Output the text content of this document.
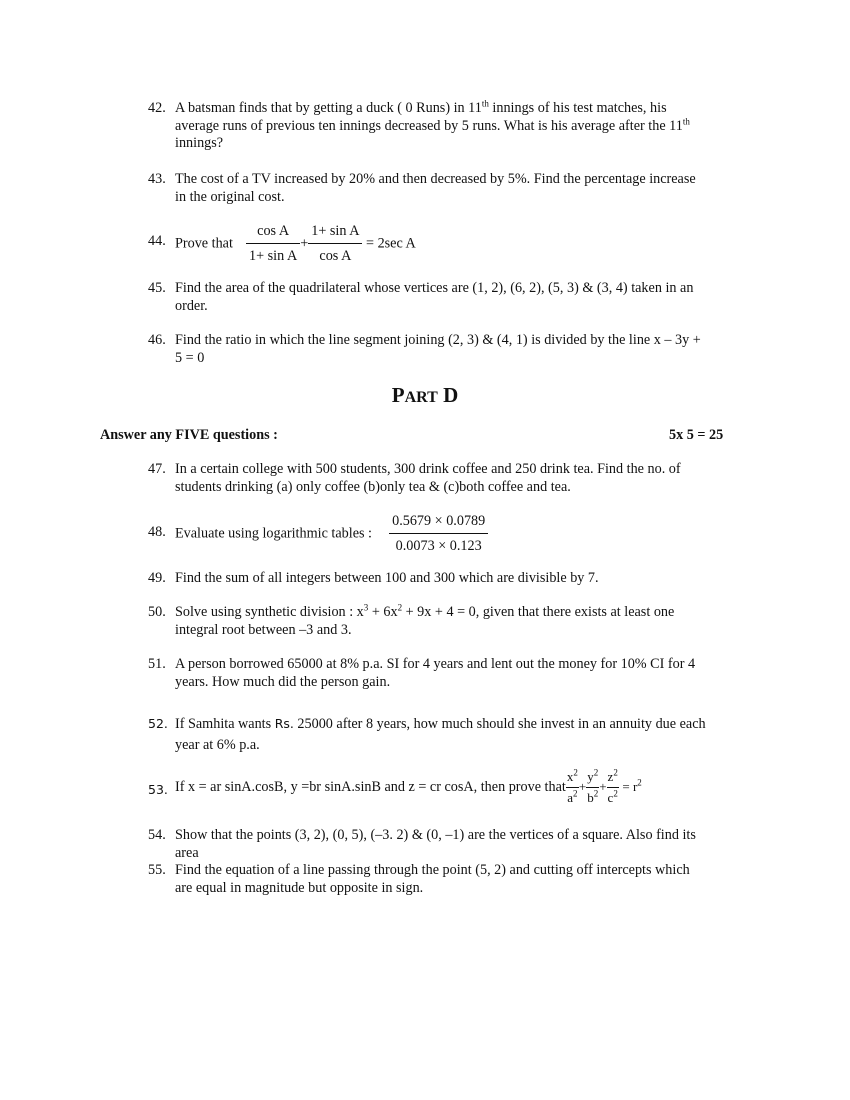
42. A batsman finds that by getting a duck ( 0 Runs) in 11th innings of his test matches, his
average runs of previous ten innings decreased by 5 runs. What is his average after the 11th
innings?
43. The cost of a TV increased by 20% and then decreased by 5%. Find the percentage increase
in the original cost.
44. Prove that $\frac{\text{cos A}}{\text{1+ sin A}} + \frac{\text{1+ sin A}}{\text{cos A}} = 2\sec$ A
45. Find the area of the quadrilateral whose vertices are (1, 2), (6, 2), (5, 3) & (3, 4) taken in an
order.
46. Find the ratio in which the line segment joining (2, 3) & (4, 1) is divided by the line x – 3y +
5 = 0
PART D
Answer any FIVE questions :	5x 5 = 25
47. In a certain college with 500 students, 300 drink coffee and 250 drink tea. Find the no. of
students drinking (a) only coffee (b)only tea & (c)both coffee and tea.
48. Evaluate using logarithmic tables : $\frac{0.5679 \times 0.0789}{0.0073 \times 0.123}$
49. Find the sum of all integers between 100 and 300 which are divisible by 7.
50. Solve using synthetic division : $x^3 + 6x^2 + 9x + 4 = 0$, given that there exists at least one
integral root between –3 and 3.
51. A person borrowed 65000 at 8% p.a. SI for 4 years and lent out the money for 10% CI for 4
years. How much did the person gain.
52. If Samhita wants Rs. 25000 after 8 years, how much should she invest in an annuity due each
year at 6% p.a.
53. If x = ar sinA.cosB, y =br sinA.sinB and z = cr cosA, then prove that $\frac{x^2}{a^2} + \frac{y^2}{b^2} + \frac{z^2}{c^2} = r^2$
54. Show that the points (3, 2), (0, 5), (–3. 2) & (0, –1) are the vertices of a square. Also find its
area
55. Find the equation of a line passing through the point (5, 2) and cutting off intercepts which
are equal in magnitude but opposite in sign.
